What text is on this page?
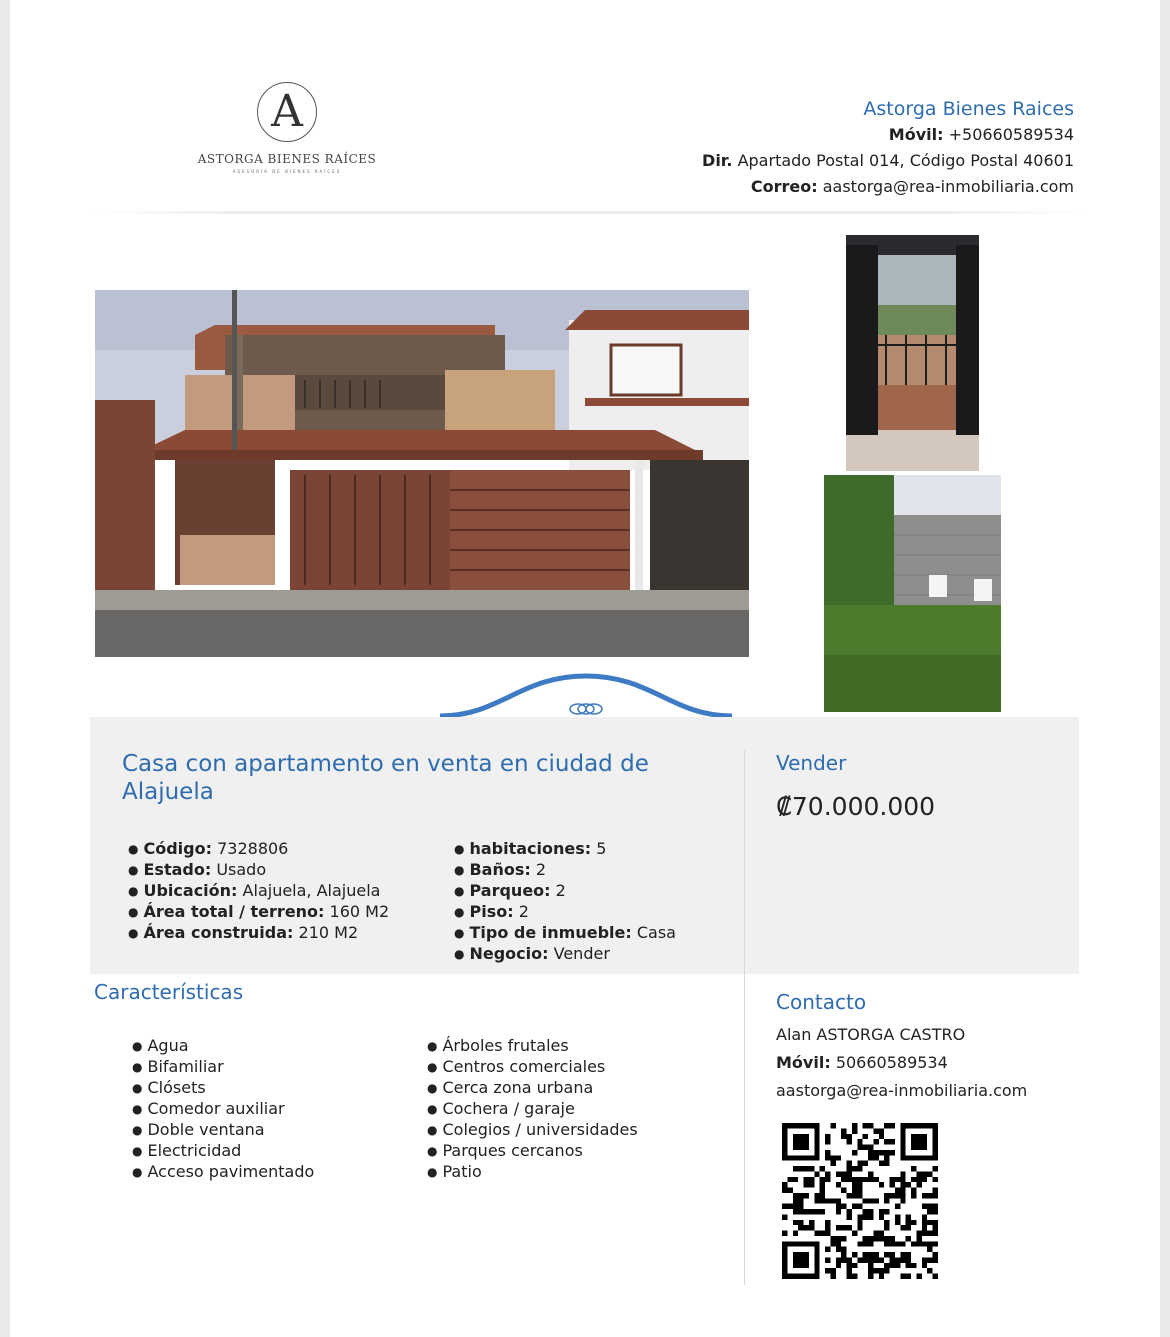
A
ASTORGA BIENES RAÍCES
ASESORÍA DE BIENES RAÍCES
Astorga Bienes Raices
Móvil: +50660589534
Dir. Apartado Postal 014, Código Postal 40601
Correo: aastorga@rea-inmobiliaria.com
Casa con apartamento en venta en ciudad de Alajuela
● Código: 7328806
● Estado: Usado
● Ubicación: Alajuela, Alajuela
● Área total / terreno: 160 M2
● Área construida: 210 M2
● habitaciones: 5
● Baños: 2
● Parqueo: 2
● Piso: 2
● Tipo de inmueble: Casa
● Negocio: Vender
Vender
₡70.000.000
Características
● Agua
● Bifamiliar
● Clósets
● Comedor auxiliar
● Doble ventana
● Electricidad
● Acceso pavimentado
● Árboles frutales
● Centros comerciales
● Cerca zona urbana
● Cochera / garaje
● Colegios / universidades
● Parques cercanos
● Patio
Contacto
Alan ASTORGA CASTRO
Móvil: 50660589534
aastorga@rea-inmobiliaria.com
